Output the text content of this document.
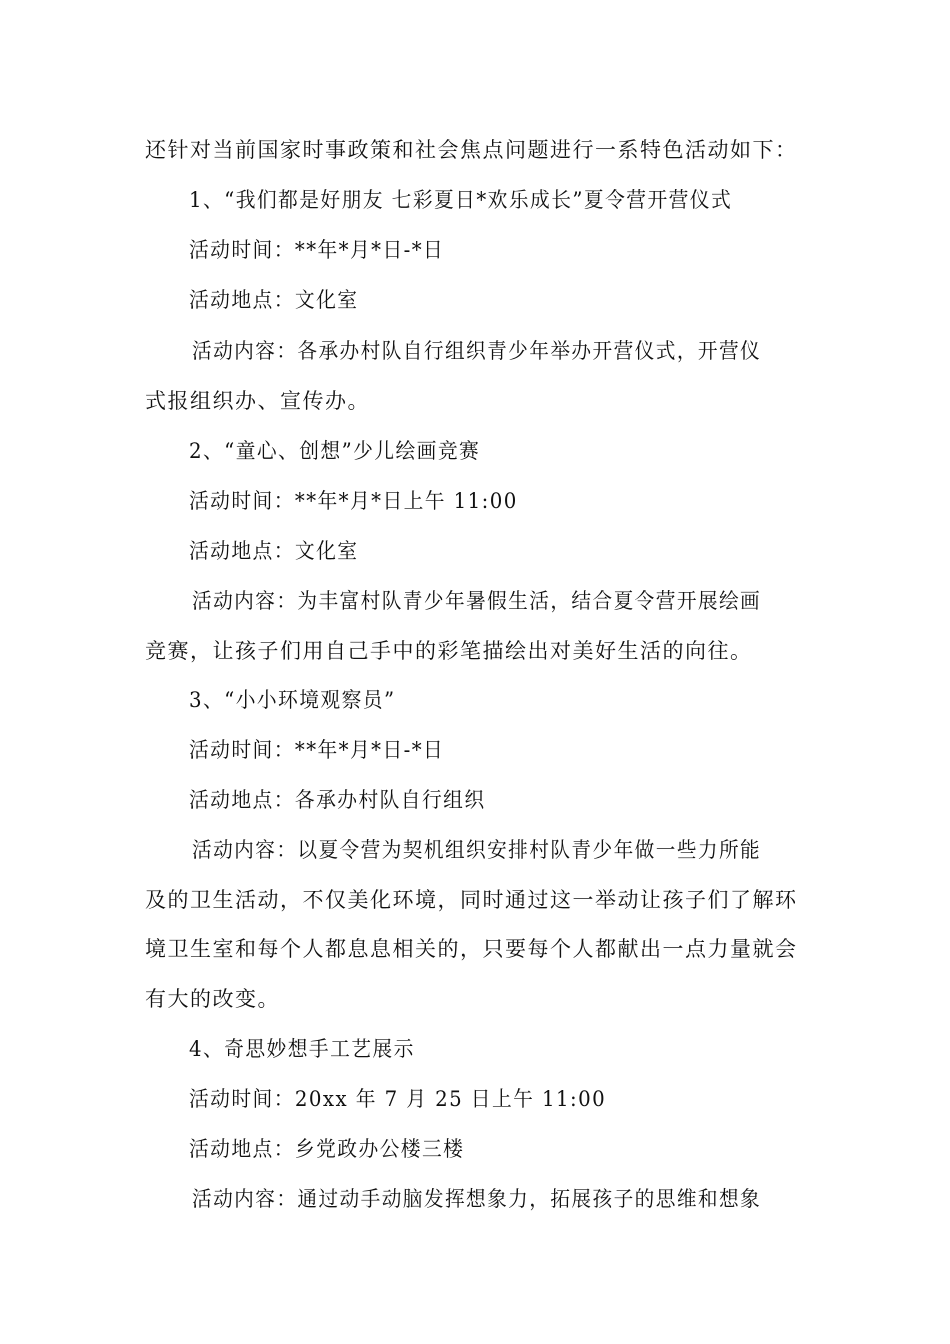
还针对当前国家时事政策和社会焦点问题进行一系特色活动如下：
1、“我们都是好朋友 七彩夏日*欢乐成长”夏令营开营仪式
活动时间：**年*月*日-*日
活动地点：文化室
活动内容：各承办村队自行组织青少年举办开营仪式，开营仪
式报组织办、宣传办。
2、“童心、创想”少儿绘画竞赛
活动时间：**年*月*日上午 11:00
活动地点：文化室
活动内容：为丰富村队青少年暑假生活，结合夏令营开展绘画
竞赛，让孩子们用自己手中的彩笔描绘出对美好生活的向往。
3、“小小环境观察员”
活动时间：**年*月*日-*日
活动地点：各承办村队自行组织
活动内容：以夏令营为契机组织安排村队青少年做一些力所能
及的卫生活动，不仅美化环境，同时通过这一举动让孩子们了解环
境卫生室和每个人都息息相关的，只要每个人都献出一点力量就会
有大的改变。
4、奇思妙想手工艺展示
活动时间：20xx 年 7 月 25 日上午 11:00
活动地点：乡党政办公楼三楼
活动内容：通过动手动脑发挥想象力，拓展孩子的思维和想象
